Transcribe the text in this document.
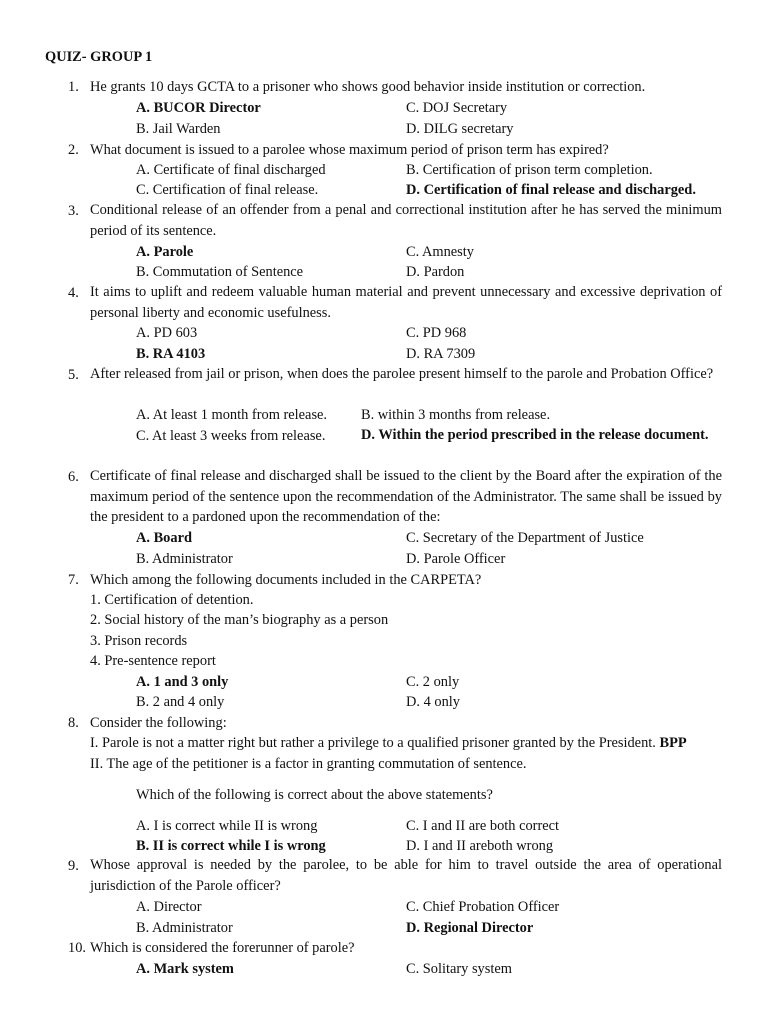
QUIZ- GROUP 1
1. He grants 10 days GCTA to a prisoner who shows good behavior inside institution or correction.
A. BUCOR Director	C. DOJ Secretary
B. Jail Warden	D. DILG secretary
2. What document is issued to a parolee whose maximum period of prison term has expired?
A. Certificate of final discharged	B. Certification of prison term completion.
C. Certification of final release.	D. Certification of final release and discharged.
3. Conditional release of an offender from a penal and correctional institution after he has served the minimum period of its sentence.
A. Parole	C. Amnesty
B. Commutation of Sentence	D. Pardon
4. It aims to uplift and redeem valuable human material and prevent unnecessary and excessive deprivation of personal liberty and economic usefulness.
A. PD 603	C. PD 968
B. RA 4103	D. RA 7309
5. After released from jail or prison, when does the parolee present himself to the parole and Probation Office?
A. At least 1 month from release. B. within 3 months from release.
C. At least 3 weeks from release.	D. Within the period prescribed in the release document.
6. Certificate of final release and discharged shall be issued to the client by the Board after the expiration of the maximum period of the sentence upon the recommendation of the Administrator. The same shall be issued by the president to a pardoned upon the recommendation of the:
A. Board	C. Secretary of the Department of Justice
B. Administrator	D. Parole Officer
7. Which among the following documents included in the CARPETA?
1. Certification of detention.
2. Social history of the man’s biography as a person
3. Prison records
4. Pre-sentence report
A. 1 and 3 only	C. 2 only
B. 2 and 4 only	D. 4 only
8. Consider the following:
I. Parole is not a matter right but rather a privilege to a qualified prisoner granted by the President. BPP
II. The age of the petitioner is a factor in granting commutation of sentence.
Which of the following is correct about the above statements?
A. I is correct while II is wrong	C. I and II are both correct
B. II is correct while I is wrong	D. I and II areboth wrong
9. Whose approval is needed by the parolee, to be able for him to travel outside the area of operational jurisdiction of the Parole officer?
A. Director	C. Chief Probation Officer
B. Administrator	D. Regional Director
10. Which is considered the forerunner of parole?
A. Mark system	C. Solitary system
